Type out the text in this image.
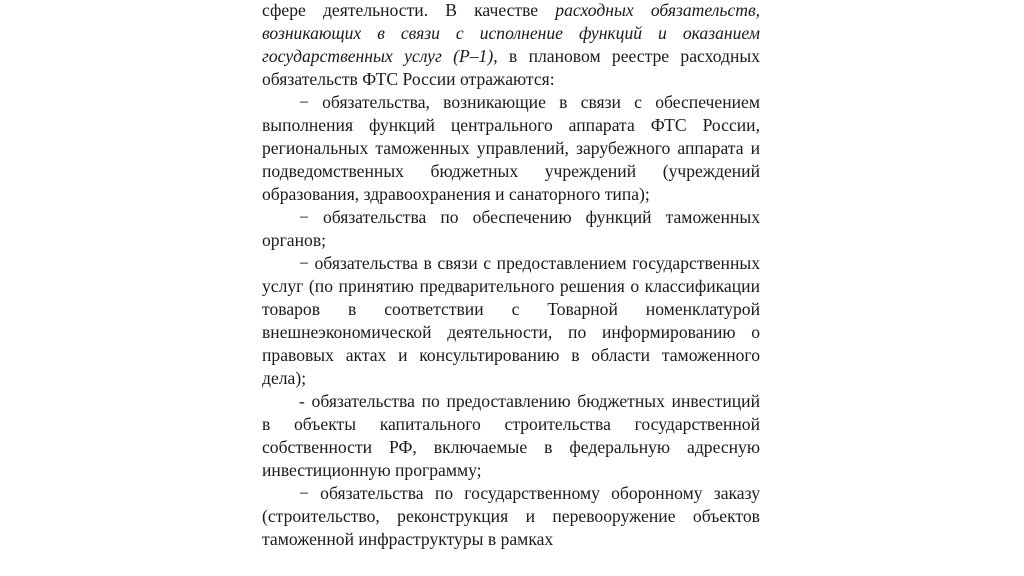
сфере деятельности. В качестве расходных обязательств, возникающих в связи с исполнение функций и оказанием государственных услуг (Р–1), в плановом реестре расходных обязательств ФТС России отражаются:

− обязательства, возникающие в связи с обеспечением выполнения функций центрального аппарата ФТС России, региональных таможенных управлений, зарубежного аппарата и подведомственных бюджетных учреждений (учреждений образования, здравоохранения и санаторного типа);

− обязательства по обеспечению функций таможенных органов;

− обязательства в связи с предоставлением государственных услуг (по принятию предварительного решения о классификации товаров в соответствии с Товарной номенклатурой внешнеэкономической деятельности, по информированию о правовых актах и консультированию в области таможенного дела);

- обязательства по предоставлению бюджетных инвестиций в объекты капитального строительства государственной собственности РФ, включаемые в федеральную адресную инвестиционную программу;

− обязательства по государственному оборонному заказу (строительство, реконструкция и перевооружение объектов таможенной инфраструктуры в рамках
